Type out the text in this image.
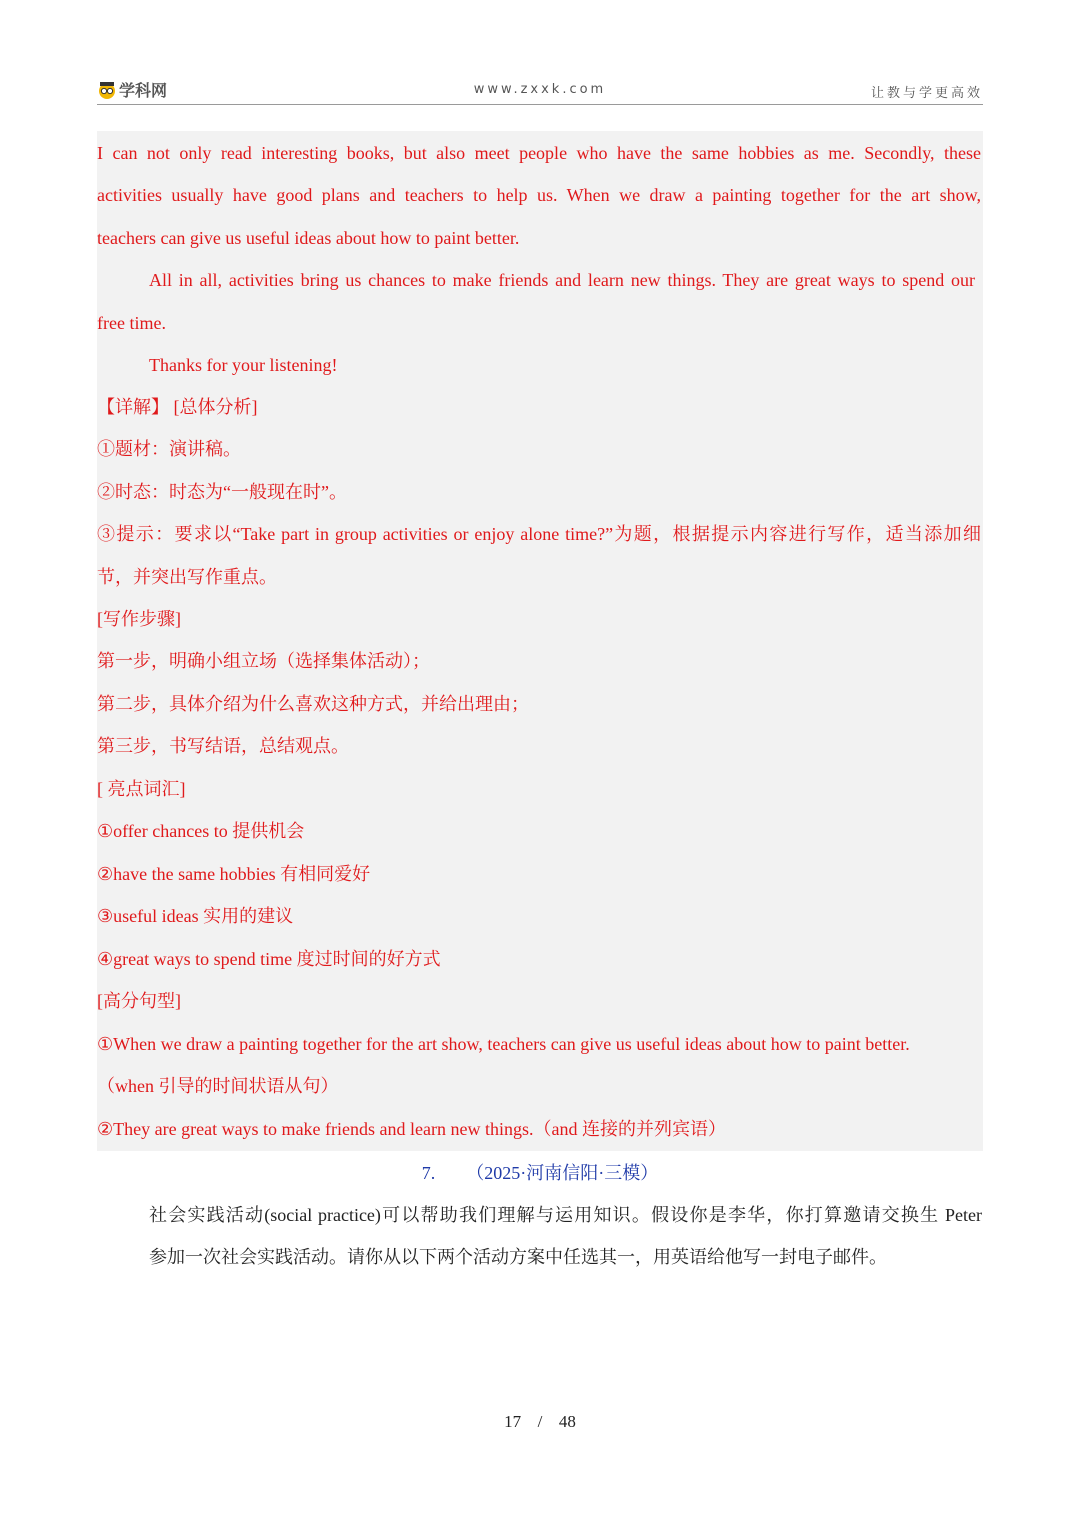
学科网	www.zxxk.com	让教与学更高效
I can not only read interesting books, but also meet people who have the same hobbies as me. Secondly, these
activities usually have good plans and teachers to help us. When we draw a painting together for the art show,
teachers can give us useful ideas about how to paint better.
All in all, activities bring us chances to make friends and learn new things. They are great ways to spend our
free time.
Thanks for your listening!
【详解】 [总体分析]
①题材：演讲稿。
②时态：时态为“一般现在时”。
③提示：要求以“Take part in group activities or enjoy alone time?”为题，根据提示内容进行写作，适当添加细
节，并突出写作重点。
[写作步骤]
第一步，明确小组立场（选择集体活动）；
第二步，具体介绍为什么喜欢这种方式，并给出理由；
第三步，书写结语，总结观点。
[ 亮点词汇]
①offer chances to 提供机会
②have the same hobbies 有相同爱好
③useful ideas 实用的建议
④great ways to spend time 度过时间的好方式
[高分句型]
①When we draw a painting together for the art show, teachers can give us useful ideas about how to paint better.
（when 引导的时间状语从句）
②They are great ways to make friends and learn new things.（and 连接的并列宾语）
7. （2025·河南信阳·三模）
社会实践活动(social practice)可以帮助我们理解与运用知识。假设你是李华，你打算邀请交换生 Peter
参加一次社会实践活动。请你从以下两个活动方案中任选其一，用英语给他写一封电子邮件。
17 / 48
